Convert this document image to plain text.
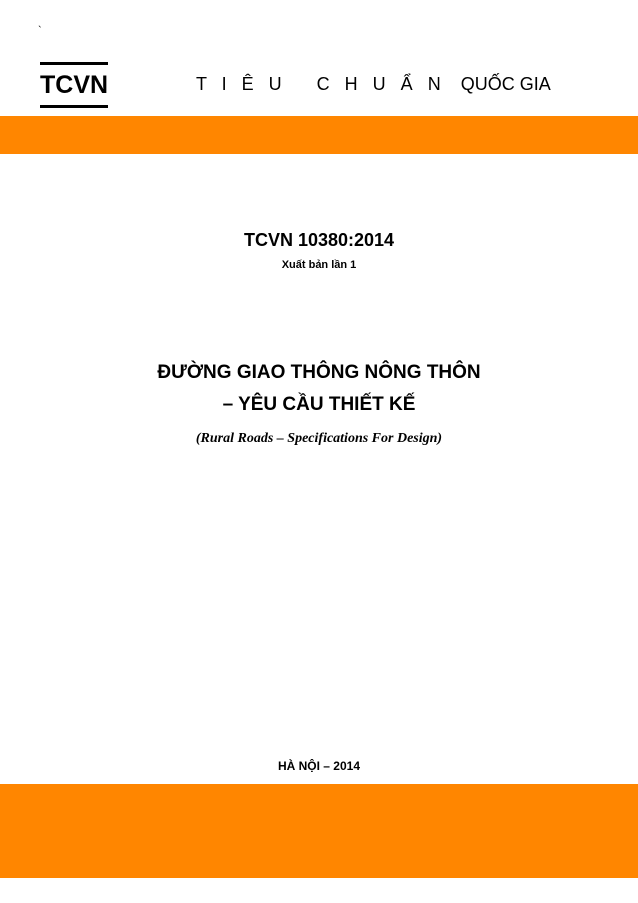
`
TCVN	T I Ê U   C H U Ẩ N QUỐC GIA
TCVN 10380:2014
Xuất bản lần 1
ĐƯỜNG GIAO THÔNG NÔNG THÔN
– YÊU CẦU THIẾT KẾ
(Rural Roads – Specifications For Design)
HÀ NỘI – 2014
